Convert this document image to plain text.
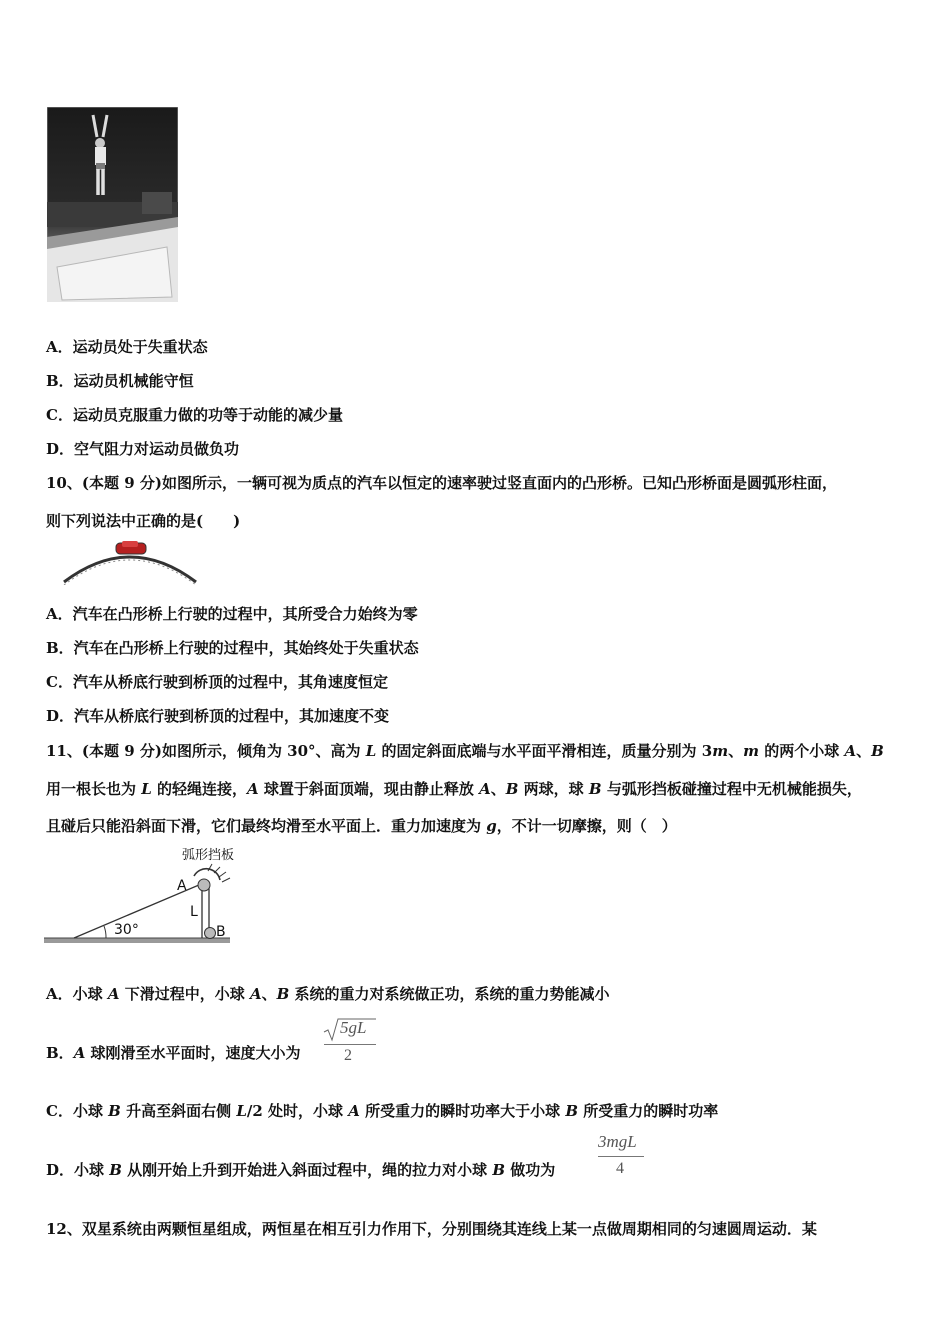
A．运动员处于失重状态
B．运动员机械能守恒
C．运动员克服重力做的功等于动能的减少量
D．空气阻力对运动员做负功
10、(本题 9 分)如图所示，一辆可视为质点的汽车以恒定的速率驶过竖直面内的凸形桥。已知凸形桥面是圆弧形柱面，
则下列说法中正确的是(　　)
A．汽车在凸形桥上行驶的过程中，其所受合力始终为零
B．汽车在凸形桥上行驶的过程中，其始终处于失重状态
C．汽车从桥底行驶到桥顶的过程中，其角速度恒定
D．汽车从桥底行驶到桥顶的过程中，其加速度不变
11、(本题 9 分)如图所示，倾角为 30°、高为 L 的固定斜面底端与水平面平滑相连，质量分别为 3m、m 的两个小球 A、B
用一根长也为 L 的轻绳连接，A 球置于斜面顶端，现由静止释放 A、B 两球，球 B 与弧形挡板碰撞过程中无机械能损失，
且碰后只能沿斜面下滑，它们最终均滑至水平面上．重力加速度为 g，不计一切摩擦，则（　）
弧形挡板
A
L
B
30°
A．小球 A 下滑过程中，小球 A、B 系统的重力对系统做正功，系统的重力势能减小
B．A 球刚滑至水平面时，速度大小为
5gL
2
C．小球 B 升高至斜面右侧 L/2 处时，小球 A 所受重力的瞬时功率大于小球 B 所受重力的瞬时功率
D．小球 B 从刚开始上升到开始进入斜面过程中，绳的拉力对小球 B 做功为
3mgL
4
12、双星系统由两颗恒星组成，两恒星在相互引力作用下，分别围绕其连线上某一点做周期相同的匀速圆周运动．某
